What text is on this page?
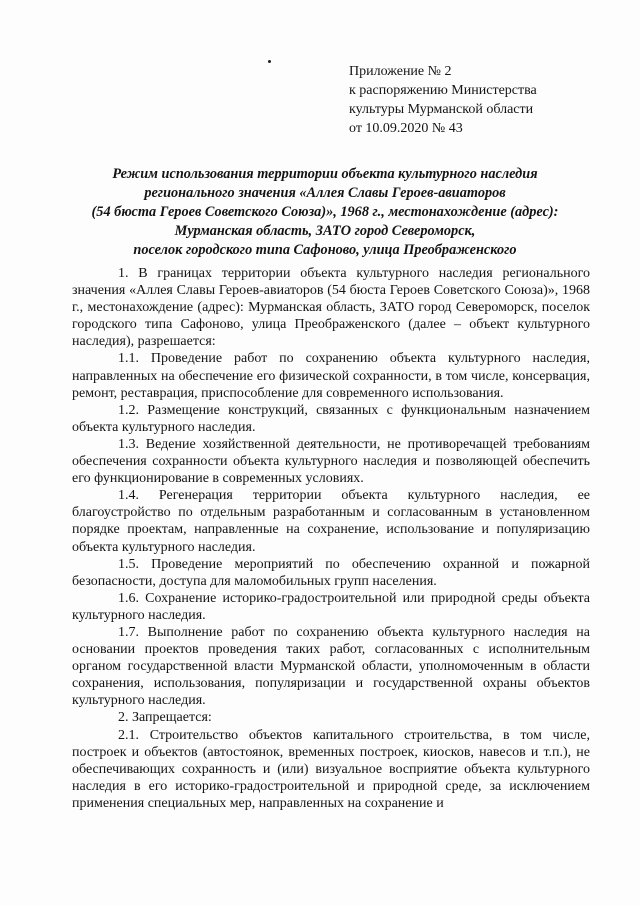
Приложение № 2
к распоряжению Министерства
культуры Мурманской области
от 10.09.2020 № 43
Режим использования территории объекта культурного наследия
регионального значения «Аллея Славы Героев-авиаторов
(54 бюста Героев Советского Союза)», 1968 г., местонахождение (адрес):
Мурманская область, ЗАТО город Североморск,
поселок городского типа Сафоново, улица Преображенского

1. В границах территории объекта культурного наследия регионального значения «Аллея Славы Героев-авиаторов (54 бюста Героев Советского Союза)», 1968 г., местонахождение (адрес): Мурманская область, ЗАТО город Североморск, поселок городского типа Сафоново, улица Преображенского (далее – объект культурного наследия), разрешается:

1.1. Проведение работ по сохранению объекта культурного наследия, направленных на обеспечение его физической сохранности, в том числе, консервация, ремонт, реставрация, приспособление для современного использования.

1.2. Размещение конструкций, связанных с функциональным назначением объекта культурного наследия.

1.3. Ведение хозяйственной деятельности, не противоречащей требованиям обеспечения сохранности объекта культурного наследия и позволяющей обеспечить его функционирование в современных условиях.

1.4. Регенерация территории объекта культурного наследия, ее благоустройство по отдельным разработанным и согласованным в установленном порядке проектам, направленные на сохранение, использование и популяризацию объекта культурного наследия.

1.5. Проведение мероприятий по обеспечению охранной и пожарной безопасности, доступа для маломобильных групп населения.

1.6. Сохранение историко-градостроительной или природной среды объекта культурного наследия.

1.7. Выполнение работ по сохранению объекта культурного наследия на основании проектов проведения таких работ, согласованных с исполнительным органом государственной власти Мурманской области, уполномоченным в области сохранения, использования, популяризации и государственной охраны объектов культурного наследия.

2. Запрещается:

2.1. Строительство объектов капитального строительства, в том числе, построек и объектов (автостоянок, временных построек, киосков, навесов и т.п.), не обеспечивающих сохранность и (или) визуальное восприятие объекта культурного наследия в его историко-градостроительной и природной среде, за исключением применения специальных мер, направленных на сохранение и
